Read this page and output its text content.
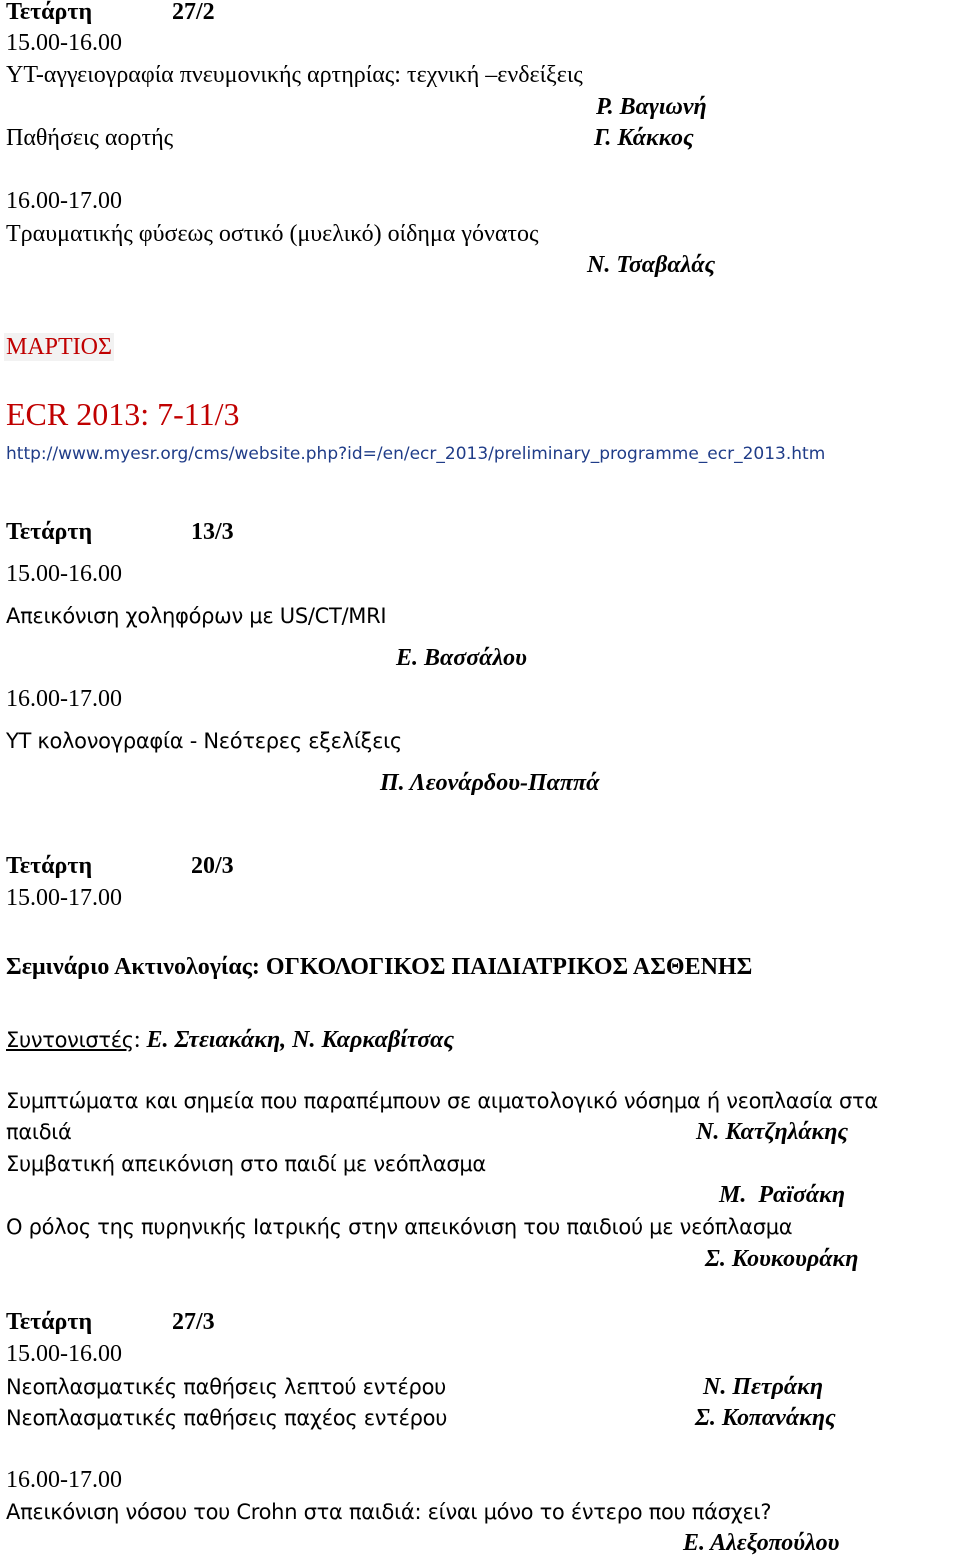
Τετάρτη	27/2
15.00-16.00
ΥΤ-αγγειογραφία πνευμονικής αρτηρίας: τεχνική –ενδείξεις
Ρ. Βαγιωνή
Παθήσεις αορτής	Γ. Κάκκος
16.00-17.00
Τραυματικής φύσεως οστικό (μυελικό) οίδημα γόνατος
Ν. Τσαβαλάς
ΜΑΡΤΙΟΣ
ECR 2013: 7-11/3
http://www.myesr.org/cms/website.php?id=/en/ecr_2013/preliminary_programme_ecr_2013.htm
Τετάρτη	13/3
15.00-16.00
Απεικόνιση χοληφόρων με US/CT/MRI
Ε. Βασσάλου
16.00-17.00
ΥΤ κολονογραφία - Νεότερες εξελίξεις
Π. Λεονάρδου-Παππά
Τετάρτη	20/3
15.00-17.00
Σεμινάριο Ακτινολογίας: ΟΓΚΟΛΟΓΙΚΟΣ ΠΑΙΔΙΑΤΡΙΚΟΣ ΑΣΘΕΝΗΣ
Συντονιστές: Ε. Στειακάκη, Ν. Καρκαβίτσας
Συμπτώματα και σημεία που παραπέμπουν σε αιματολογικό νόσημα ή νεοπλασία στα
παιδιά	Ν. Κατζηλάκης
Συμβατική απεικόνιση στο παιδί με νεόπλασμα
Μ.  Ραϊσάκη
Ο ρόλος της πυρηνικής Ιατρικής στην απεικόνιση του παιδιού με νεόπλασμα
Σ. Κουκουράκη
Τετάρτη	27/3
15.00-16.00
Νεοπλασματικές παθήσεις λεπτού εντέρου	Ν. Πετράκη
Νεοπλασματικές παθήσεις παχέος εντέρου	Σ. Κοπανάκης
16.00-17.00
Απεικόνιση νόσου του Crohn στα παιδιά: είναι μόνο το έντερο που πάσχει?
Ε. Αλεξοπούλου
